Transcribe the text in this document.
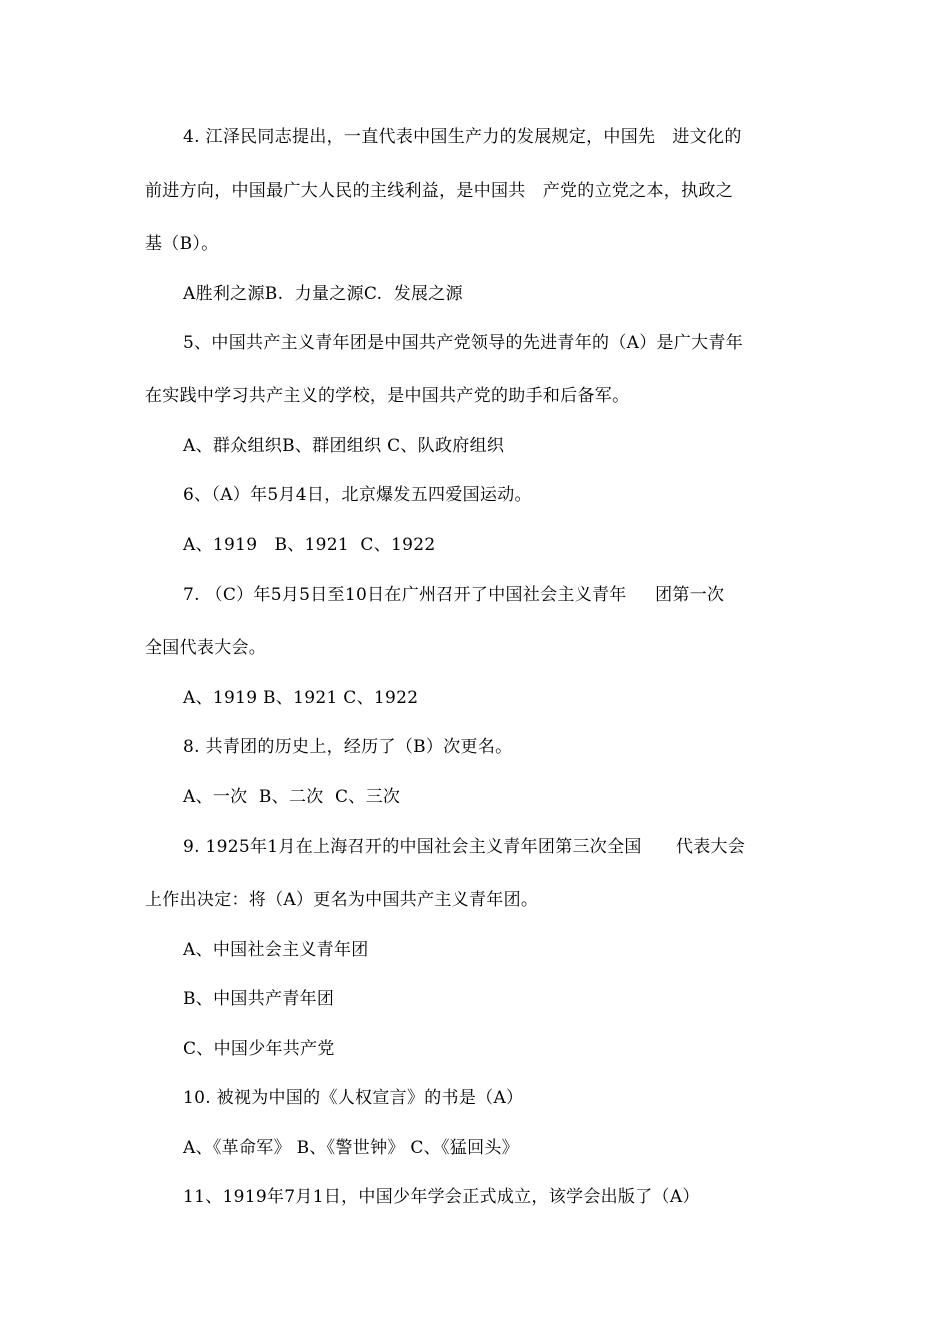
4. 江泽民同志提出，一直代表中国生产力的发展规定，中国先   进文化的
前进方向，中国最广大人民的主线利益，是中国共   产党的立党之本，执政之
基（B）。
A胜利之源B.  力量之源C.  发展之源
5、中国共产主义青年团是中国共产党领导的先进青年的（A）是广大青年
在实践中学习共产主义的学校，是中国共产党的助手和后备军。
A、群众组织B、群团组织 C、队政府组织
6、（A）年5月4日，北京爆发五四爱国运动。
A、1919   B、1921  C、1922
7. （C）年5月5日至10日在广州召开了中国社会主义青年     团第一次
全国代表大会。
A、1919 B、1921 C、1922
8. 共青团的历史上，经历了（B）次更名。
A、一次  B、二次  C、三次
9. 1925年1月在上海召开的中国社会主义青年团第三次全国      代表大会
上作出决定：将（A）更名为中国共产主义青年团。
A、中国社会主义青年团
B、中国共产青年团
C、中国少年共产党
10. 被视为中国的《人权宣言》的书是（A）
A、《革命军》 B、《警世钟》 C、《猛回头》
11、1919年7月1日，中国少年学会正式成立，该学会出版了（A）
